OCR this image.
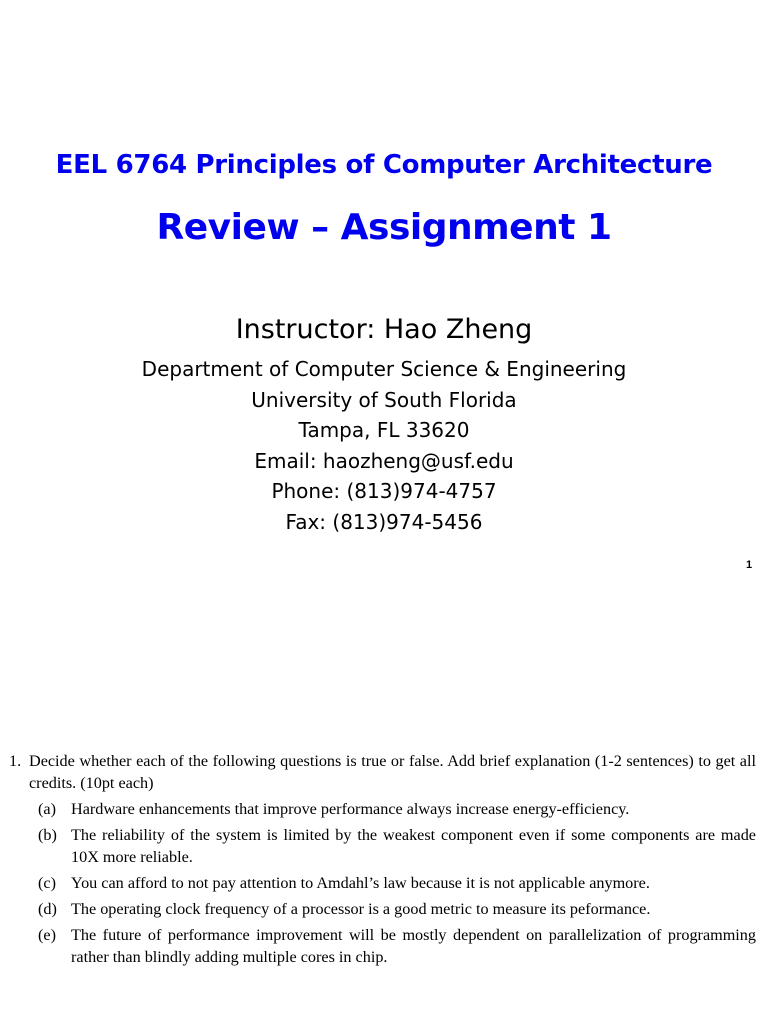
EEL 6764 Principles of Computer Architecture
Review – Assignment 1
Instructor: Hao Zheng
Department of Computer Science & Engineering
University of South Florida
Tampa, FL 33620
Email: haozheng@usf.edu
Phone: (813)974-4757
Fax: (813)974-5456
1
1. Decide whether each of the following questions is true or false. Add brief explanation (1-2 sentences) to get all credits. (10pt each)
(a) Hardware enhancements that improve performance always increase energy-efficiency.
(b) The reliability of the system is limited by the weakest component even if some components are made 10X more reliable.
(c) You can afford to not pay attention to Amdahl’s law because it is not applicable anymore.
(d) The operating clock frequency of a processor is a good metric to measure its peformance.
(e) The future of performance improvement will be mostly dependent on parallelization of programming rather than blindly adding multiple cores in chip.
